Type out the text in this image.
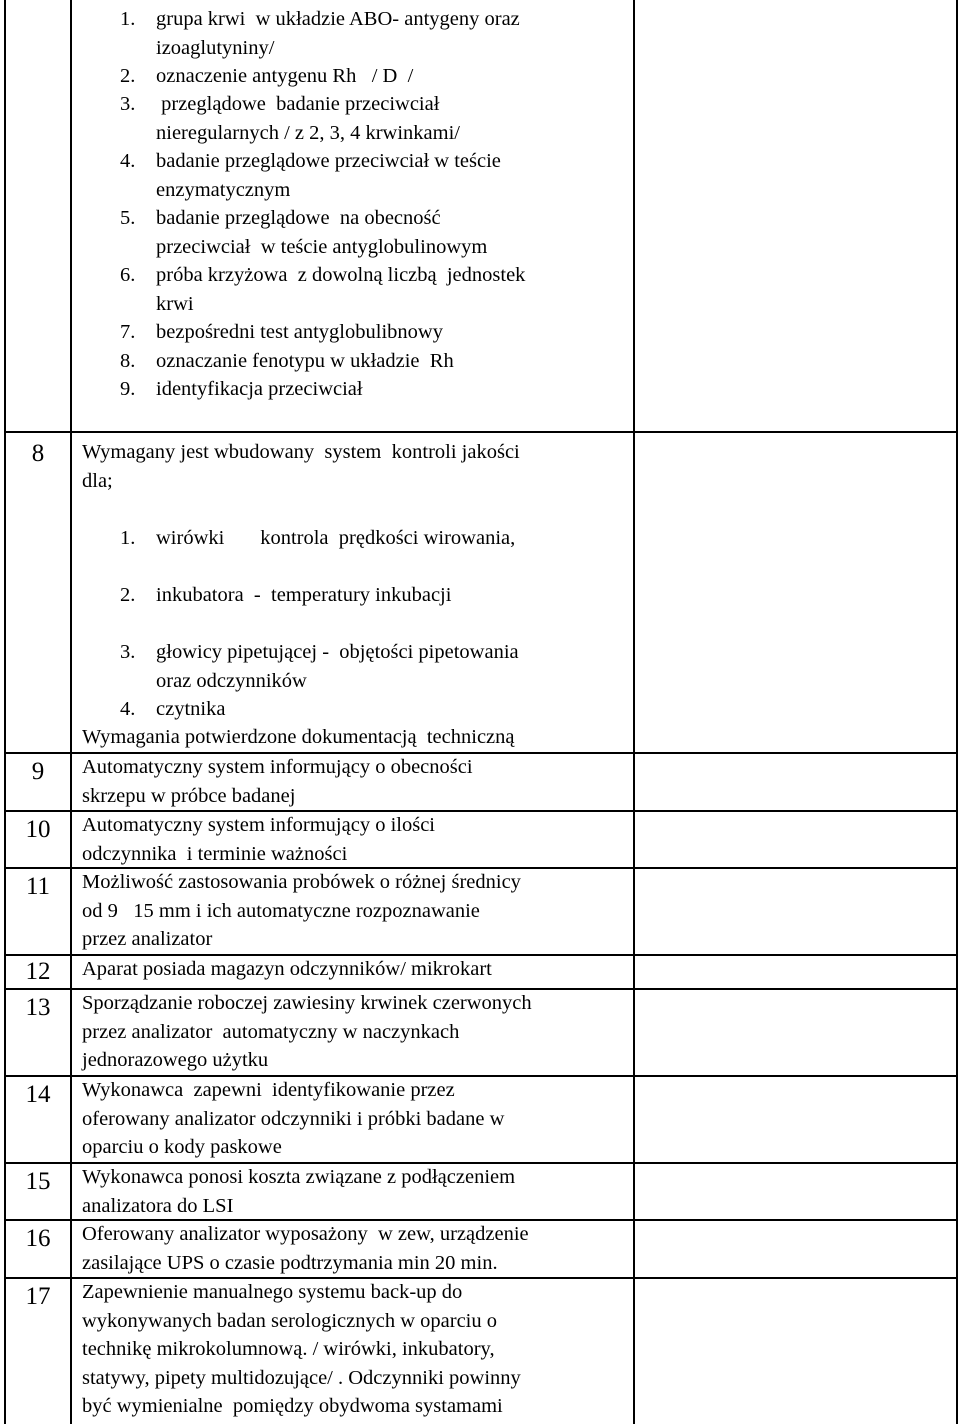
1.	grupa krwi  w układzie ABO- antygeny oraz
izoaglutyniny/
2.	oznaczenie antygenu Rh   / D  /
3.	przeglądowe  badanie przeciwciał
nieregularnych / z 2, 3, 4 krwinkami/
4.	badanie przeglądowe przeciwciał w teście
enzymatycznym
5.	badanie przeglądowe  na obecność
przeciwciał  w teście antyglobulinowym
6.	próba krzyżowa  z dowolną liczbą  jednostek
krwi
7.	bezpośredni test antyglobulibnowy
8.	oznaczanie fenotypu w układzie  Rh
9.	identyfikacja przeciwciał
8	Wymagany jest wbudowany  system  kontroli jakości
dla;
1.	wirówki       kontrola  prędkości wirowania,
2.	inkubatora  -  temperatury inkubacji
3.	głowicy pipetującej -  objętości pipetowania
oraz odczynników
4.	czytnika
Wymagania potwierdzone dokumentacją  techniczną
9	Automatyczny system informujący o obecności
skrzepu w próbce badanej
10	Automatyczny system informujący o ilości
odczynnika  i terminie ważności
11	Możliwość zastosowania probówek o różnej średnicy
od 9   15 mm i ich automatyczne rozpoznawanie
przez analizator
12	Aparat posiada magazyn odczynników/ mikrokart
13	Sporządzanie roboczej zawiesiny krwinek czerwonych
przez analizator  automatyczny w naczynkach
jednorazowego użytku
14	Wykonawca  zapewni  identyfikowanie przez
oferowany analizator odczynniki i próbki badane w
oparciu o kody paskowe
15	Wykonawca ponosi koszta związane z podłączeniem
analizatora do LSI
16	Oferowany analizator wyposażony  w zew, urządzenie
zasilające UPS o czasie podtrzymania min 20 min.
17	Zapewnienie manualnego systemu back-up do
wykonywanych badan serologicznych w oparciu o
technikę mikrokolumnową. / wirówki, inkubatory,
statywy, pipety multidozujące/ . Odczynniki powinny
być wymienialne  pomiędzy obydwoma systamami
